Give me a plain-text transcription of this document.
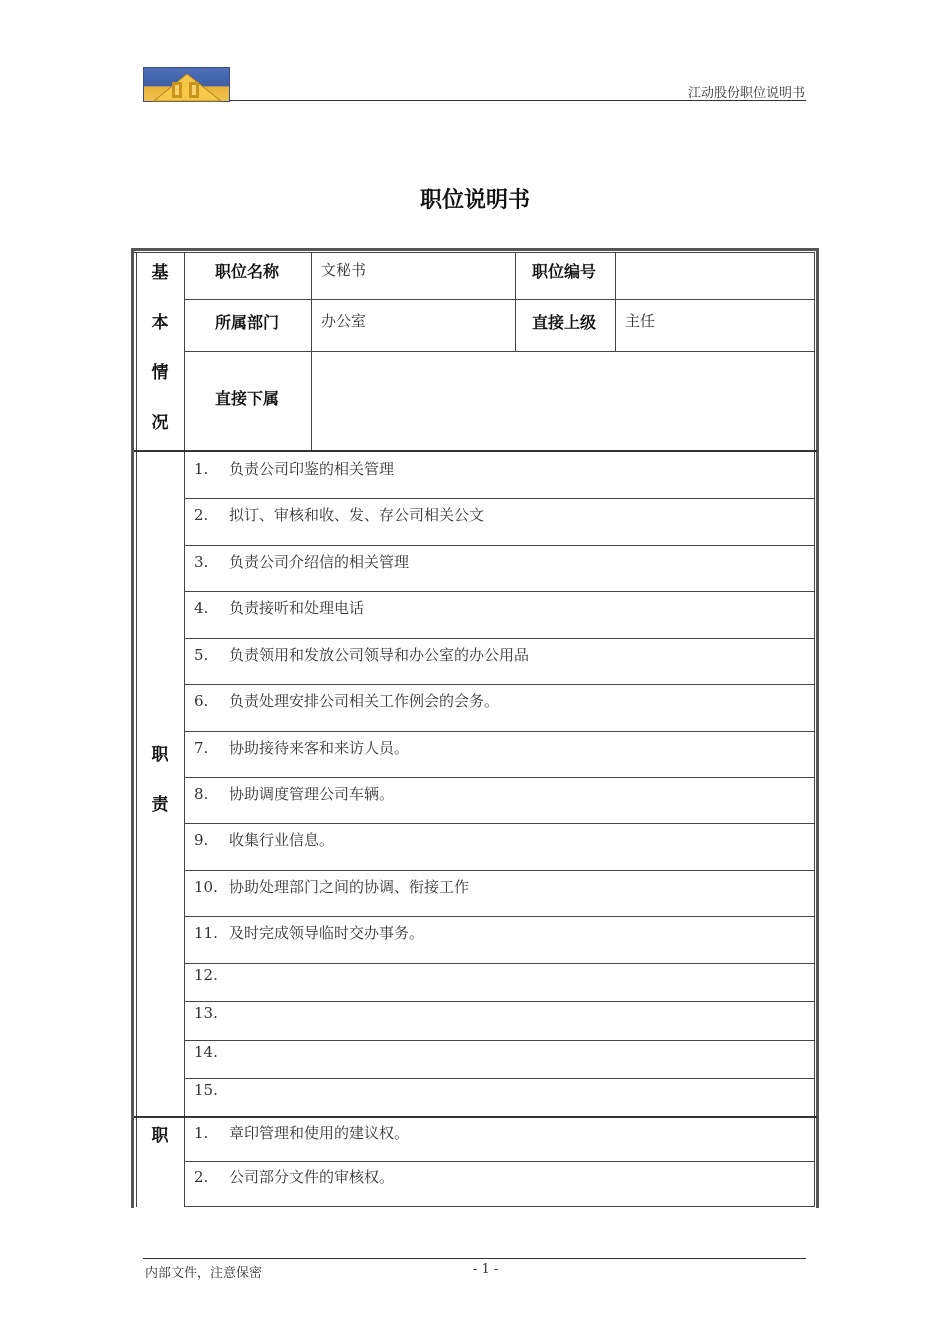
江动股份职位说明书
职位说明书
基
本
情
况
职位名称	文秘书	职位编号
所属部门	办公室	直接上级 主任
直接下属
职
责
1. 负责公司印鉴的相关管理
2. 拟订、审核和收、发、存公司相关公文
3. 负责公司介绍信的相关管理
4. 负责接听和处理电话
5. 负责领用和发放公司领导和办公室的办公用品
6. 负责处理安排公司相关工作例会的会务。
7. 协助接待来客和来访人员。
8. 协助调度管理公司车辆。
9. 收集行业信息。
10. 协助处理部门之间的协调、衔接工作
11. 及时完成领导临时交办事务。
12.
13.
14.
15.
职	1. 章印管理和使用的建议权。
2. 公司部分文件的审核权。
内部文件，注意保密	- 1 -
